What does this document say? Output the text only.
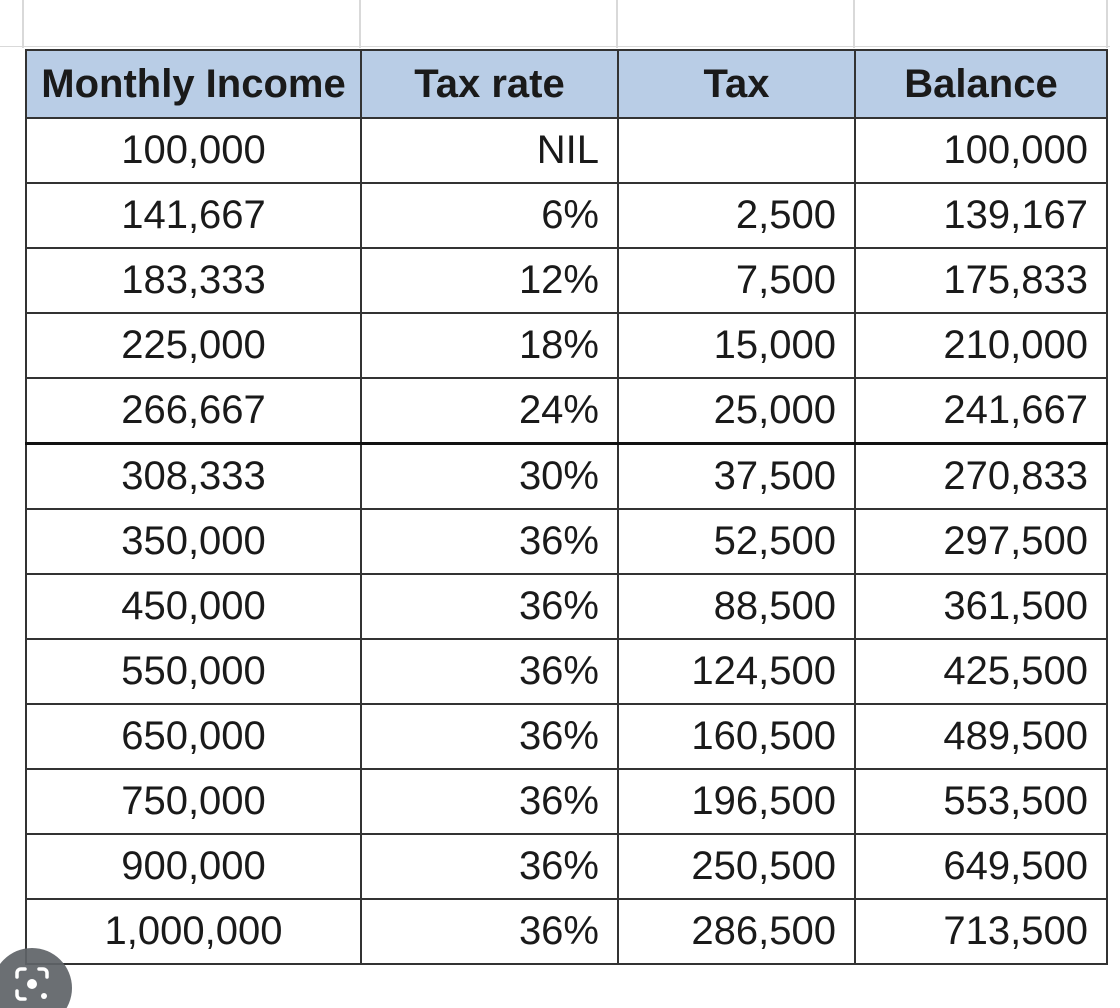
Monthly Income	Tax rate	Tax	Balance
100,000	NIL		100,000
141,667	6%	2,500	139,167
183,333	12%	7,500	175,833
225,000	18%	15,000	210,000
266,667	24%	25,000	241,667
308,333	30%	37,500	270,833
350,000	36%	52,500	297,500
450,000	36%	88,500	361,500
550,000	36%	124,500	425,500
650,000	36%	160,500	489,500
750,000	36%	196,500	553,500
900,000	36%	250,500	649,500
1,000,000	36%	286,500	713,500
